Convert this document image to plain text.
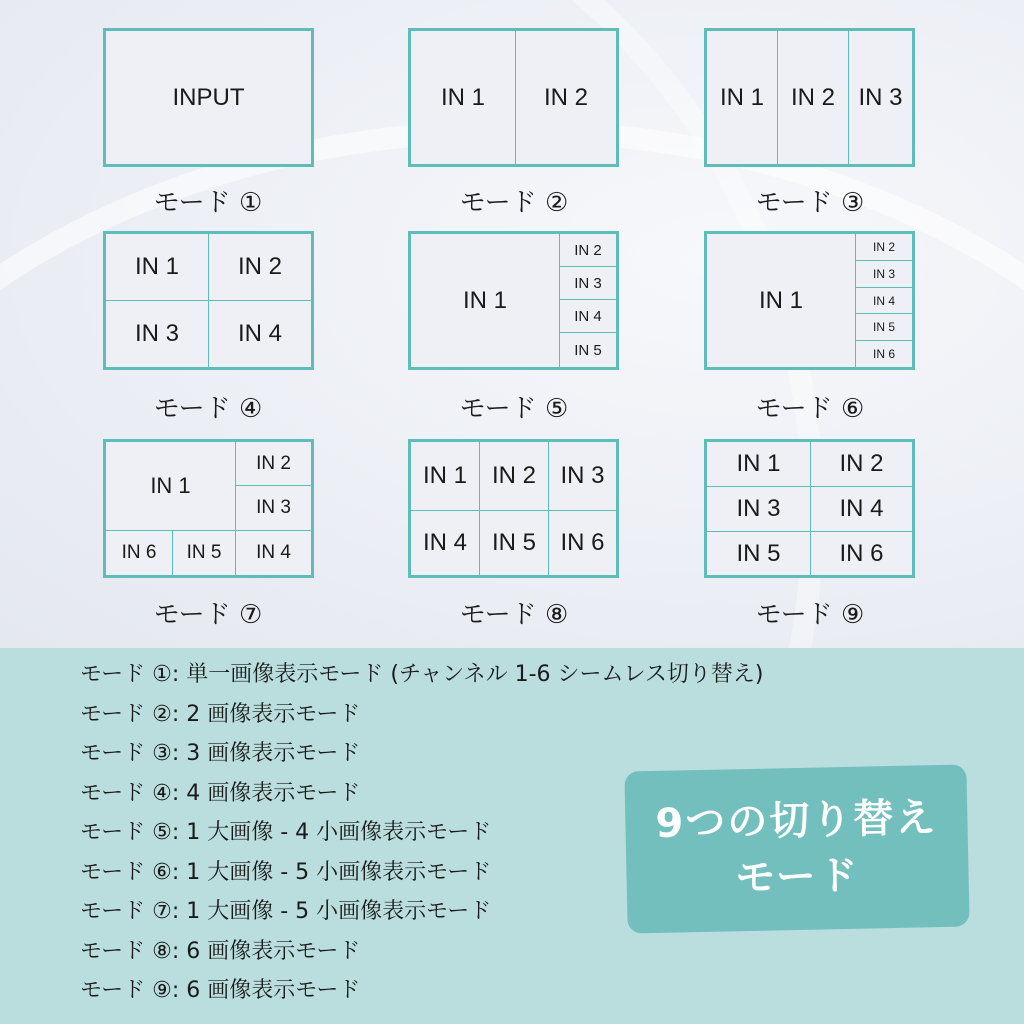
INPUT
モード ①
IN 1	IN 2
モード ②
IN 1	IN 2 IN 3
モード ③
IN 1	IN 2
IN 3	IN 4
モード ④
IN 1
IN 2
IN 3
IN 4
IN 5
モード ⑤
IN 1
IN 2
IN 3
IN 4
IN 5
IN 6
モード ⑥
IN 1
IN 2
IN 3
IN 6	IN 5	IN 4
モード ⑦
IN 1	IN 2	IN 3
IN 4	IN 5	IN 6
モード ⑧
IN 1	IN 2
IN 3	IN 4
IN 5	IN 6
モード ⑨
モード ①: 単一画像表示モード (チャンネル 1-6 シームレス切り替え)
モード ②: 2 画像表示モード
モード ③: 3 画像表示モード
モード ④: 4 画像表示モード
モード ⑤: 1 大画像 - 4 小画像表示モード
モード ⑥: 1 大画像 - 5 小画像表示モード
モード ⑦: 1 大画像 - 5 小画像表示モード
モード ⑧: 6 画像表示モード
モード ⑨: 6 画像表示モード
9つの切り替え
モード
